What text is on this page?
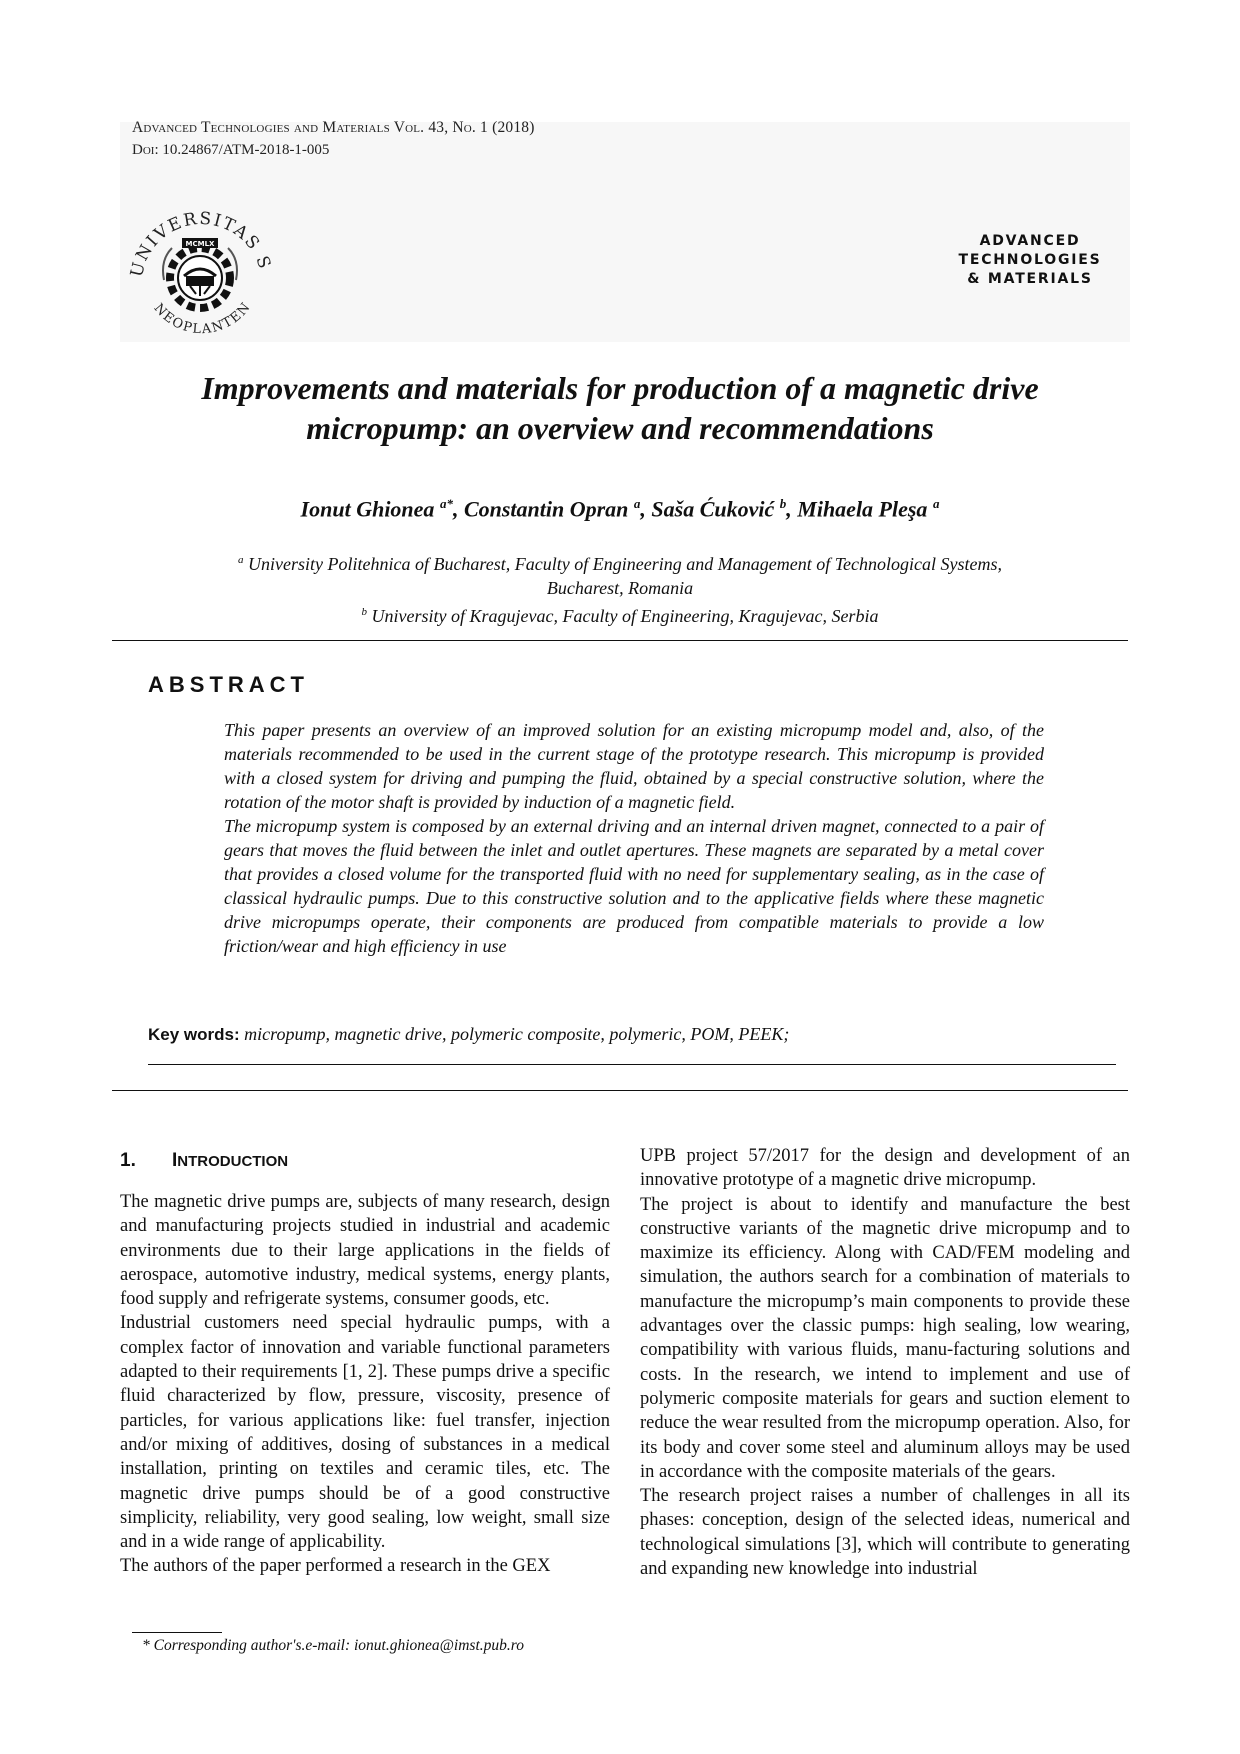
Advanced Technologies and Materials Vol. 43, No. 1 (2018)
Doi: 10.24867/ATM-2018-1-005
UNIVERSITAS S
NEOPLANTEN
MCMLX	ADVANCED
TECHNOLOGIES
& MATERIALS
Improvements and materials for production of a magnetic drive
micropump: an overview and recommendations
Ionut Ghionea $^{a*}$, Constantin Opran $^a$, Saša Ćuković $^b$, Mihaela Pleşa $^a$
$^a$ University Politehnica of Bucharest, Faculty of Engineering and Management of Technological Systems,
Bucharest, Romania
$^b$ University of Kragujevac, Faculty of Engineering, Kragujevac, Serbia
ABSTRACT

This paper presents an overview of an improved solution for an existing micropump model and, also, of the materials recommended to be used in the current stage of the prototype research. This micropump is provided with a closed system for driving and pumping the fluid, obtained by a special constructive solution, where the rotation of the motor shaft is provided by induction of a magnetic field.

The micropump system is composed by an external driving and an internal driven magnet, connected to a pair of gears that moves the fluid between the inlet and outlet apertures. These magnets are separated by a metal cover that provides a closed volume for the transported fluid with no need for supplementary sealing, as in the case of classical hydraulic pumps. Due to this constructive solution and to the applicative fields where these magnetic drive micropumps operate, their components are produced from compatible materials to provide a low friction/wear and high efficiency in use

Key words: micropump, magnetic drive, polymeric composite, polymeric, POM, PEEK;
1. INTRODUCTION

The magnetic drive pumps are, subjects of many research, design and manufacturing projects studied in industrial and academic environments due to their large applications in the fields of aerospace, automotive industry, medical systems, energy plants, food supply and refrigerate systems, consumer goods, etc.

Industrial customers need special hydraulic pumps, with a complex factor of innovation and variable functional parameters adapted to their requirements [1, 2]. These pumps drive a specific fluid characterized by flow, pressure, viscosity, presence of particles, for various applications like: fuel transfer, injection and/or mixing of additives, dosing of substances in a medical installation, printing on textiles and ceramic tiles, etc. The magnetic drive pumps should be of a good constructive simplicity, reliability, very good sealing, low weight, small size and in a wide range of applicability.

The authors of the paper performed a research in the GEX

UPB project 57/2017 for the design and development of an innovative prototype of a magnetic drive micropump.

The project is about to identify and manufacture the best constructive variants of the magnetic drive micropump and to maximize its efficiency. Along with CAD/FEM modeling and simulation, the authors search for a combination of materials to manufacture the micropump’s main components to provide these advantages over the classic pumps: high sealing, low wearing, compatibility with various fluids, manu-facturing solutions and costs. In the research, we intend to implement and use of polymeric composite materials for gears and suction element to reduce the wear resulted from the micropump operation. Also, for its body and cover some steel and aluminum alloys may be used in accordance with the composite materials of the gears.

The research project raises a number of challenges in all its phases: conception, design of the selected ideas, numerical and technological simulations [3], which will contribute to generating and expanding new knowledge into industrial

* Corresponding author's.e-mail: ionut.ghionea@imst.pub.ro
